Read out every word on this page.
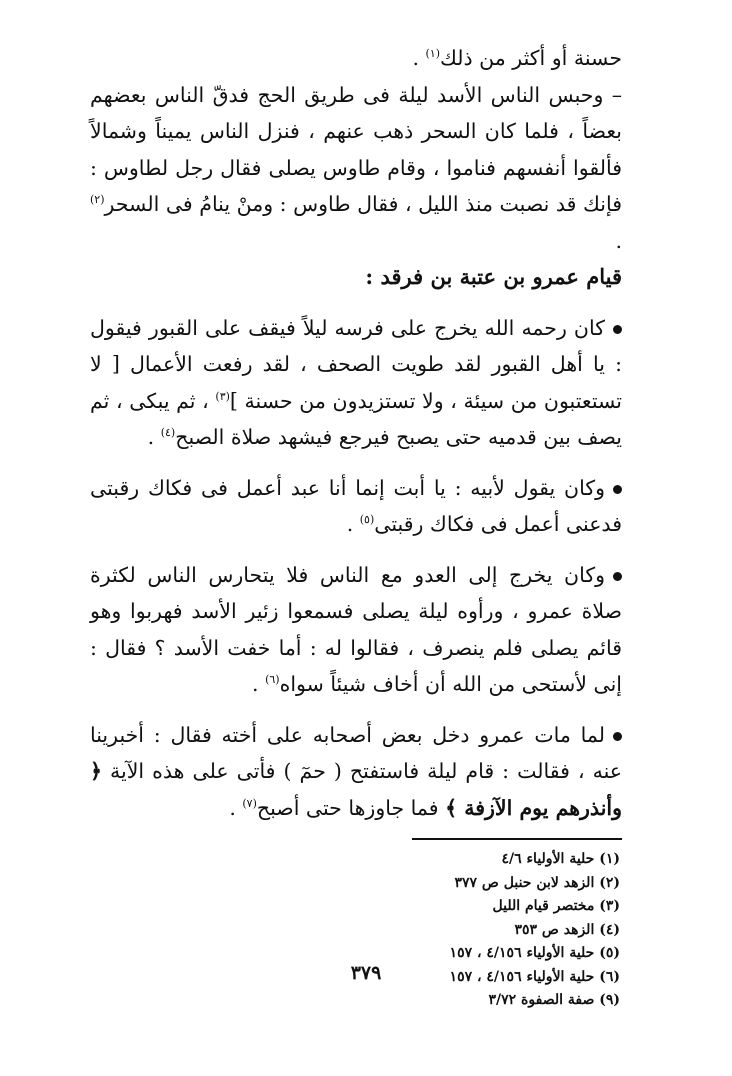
حسنة أو أكثر من ذلك$^{(١)}$ .

– وحبس الناس الأسد ليلة فى طريق الحج فدقّ الناس بعضهم بعضاً ، فلما كان السحر ذهب عنهم ، فنزل الناس يميناً وشمالاً فألقوا أنفسهم فناموا ، وقام طاوس يصلى فقال رجل لطاوس : فإنك قد نصبت منذ الليل ، فقال طاوس : ومنْ ينامُ فى السحر$^{(٢)}$ .

قيام عمرو بن عتبة بن فرقد :

كان رحمه الله يخرج على فرسه ليلاً فيقف على القبور فيقول : يا أهل القبور لقد طويت الصحف ، لقد رفعت الأعمال [ لا تستعتبون من سيئة ، ولا تستزيدون من حسنة ]$^{(٣)}$ ، ثم يبكى ، ثم يصف بين قدميه حتى يصبح فيرجع فيشهد صلاة الصبح$^{(٤)}$ .

وكان يقول لأبيه : يا أبت إنما أنا عبد أعمل فى فكاك رقبتى فدعنى أعمل فى فكاك رقبتى$^{(٥)}$ .

وكان يخرج إلى العدو مع الناس فلا يتحارس الناس لكثرة صلاة عمرو ، ورأوه ليلة يصلى فسمعوا زئير الأسد فهربوا وهو قائم يصلى فلم ينصرف ، فقالوا له : أما خفت الأسد ؟ فقال : إنى لأستحى من الله أن أخاف شيئاً سواه$^{(٦)}$ .

لما مات عمرو دخل بعض أصحابه على أخته فقال : أخبرينا عنه ، فقالت : قام ليلة فاستفتح ( حمٓ ) فأتى على هذه الآية ﴿ وأنذرهم يوم الآزفة ﴾ فما جاوزها حتى أصبح$^{(٧)}$ .

(١) حلية الأولياء ٤/٦
(٢) الزهد لابن حنبل ص ٣٧٧
(٣) مختصر قيام الليل
(٤) الزهد ص ٣٥٣
(٥) حلية الأولياء ٤/١٥٦ ، ١٥٧
(٦) حلية الأولياء ٤/١٥٦ ، ١٥٧
(٩) صفة الصفوة ٣/٧٢
٣٧٩
